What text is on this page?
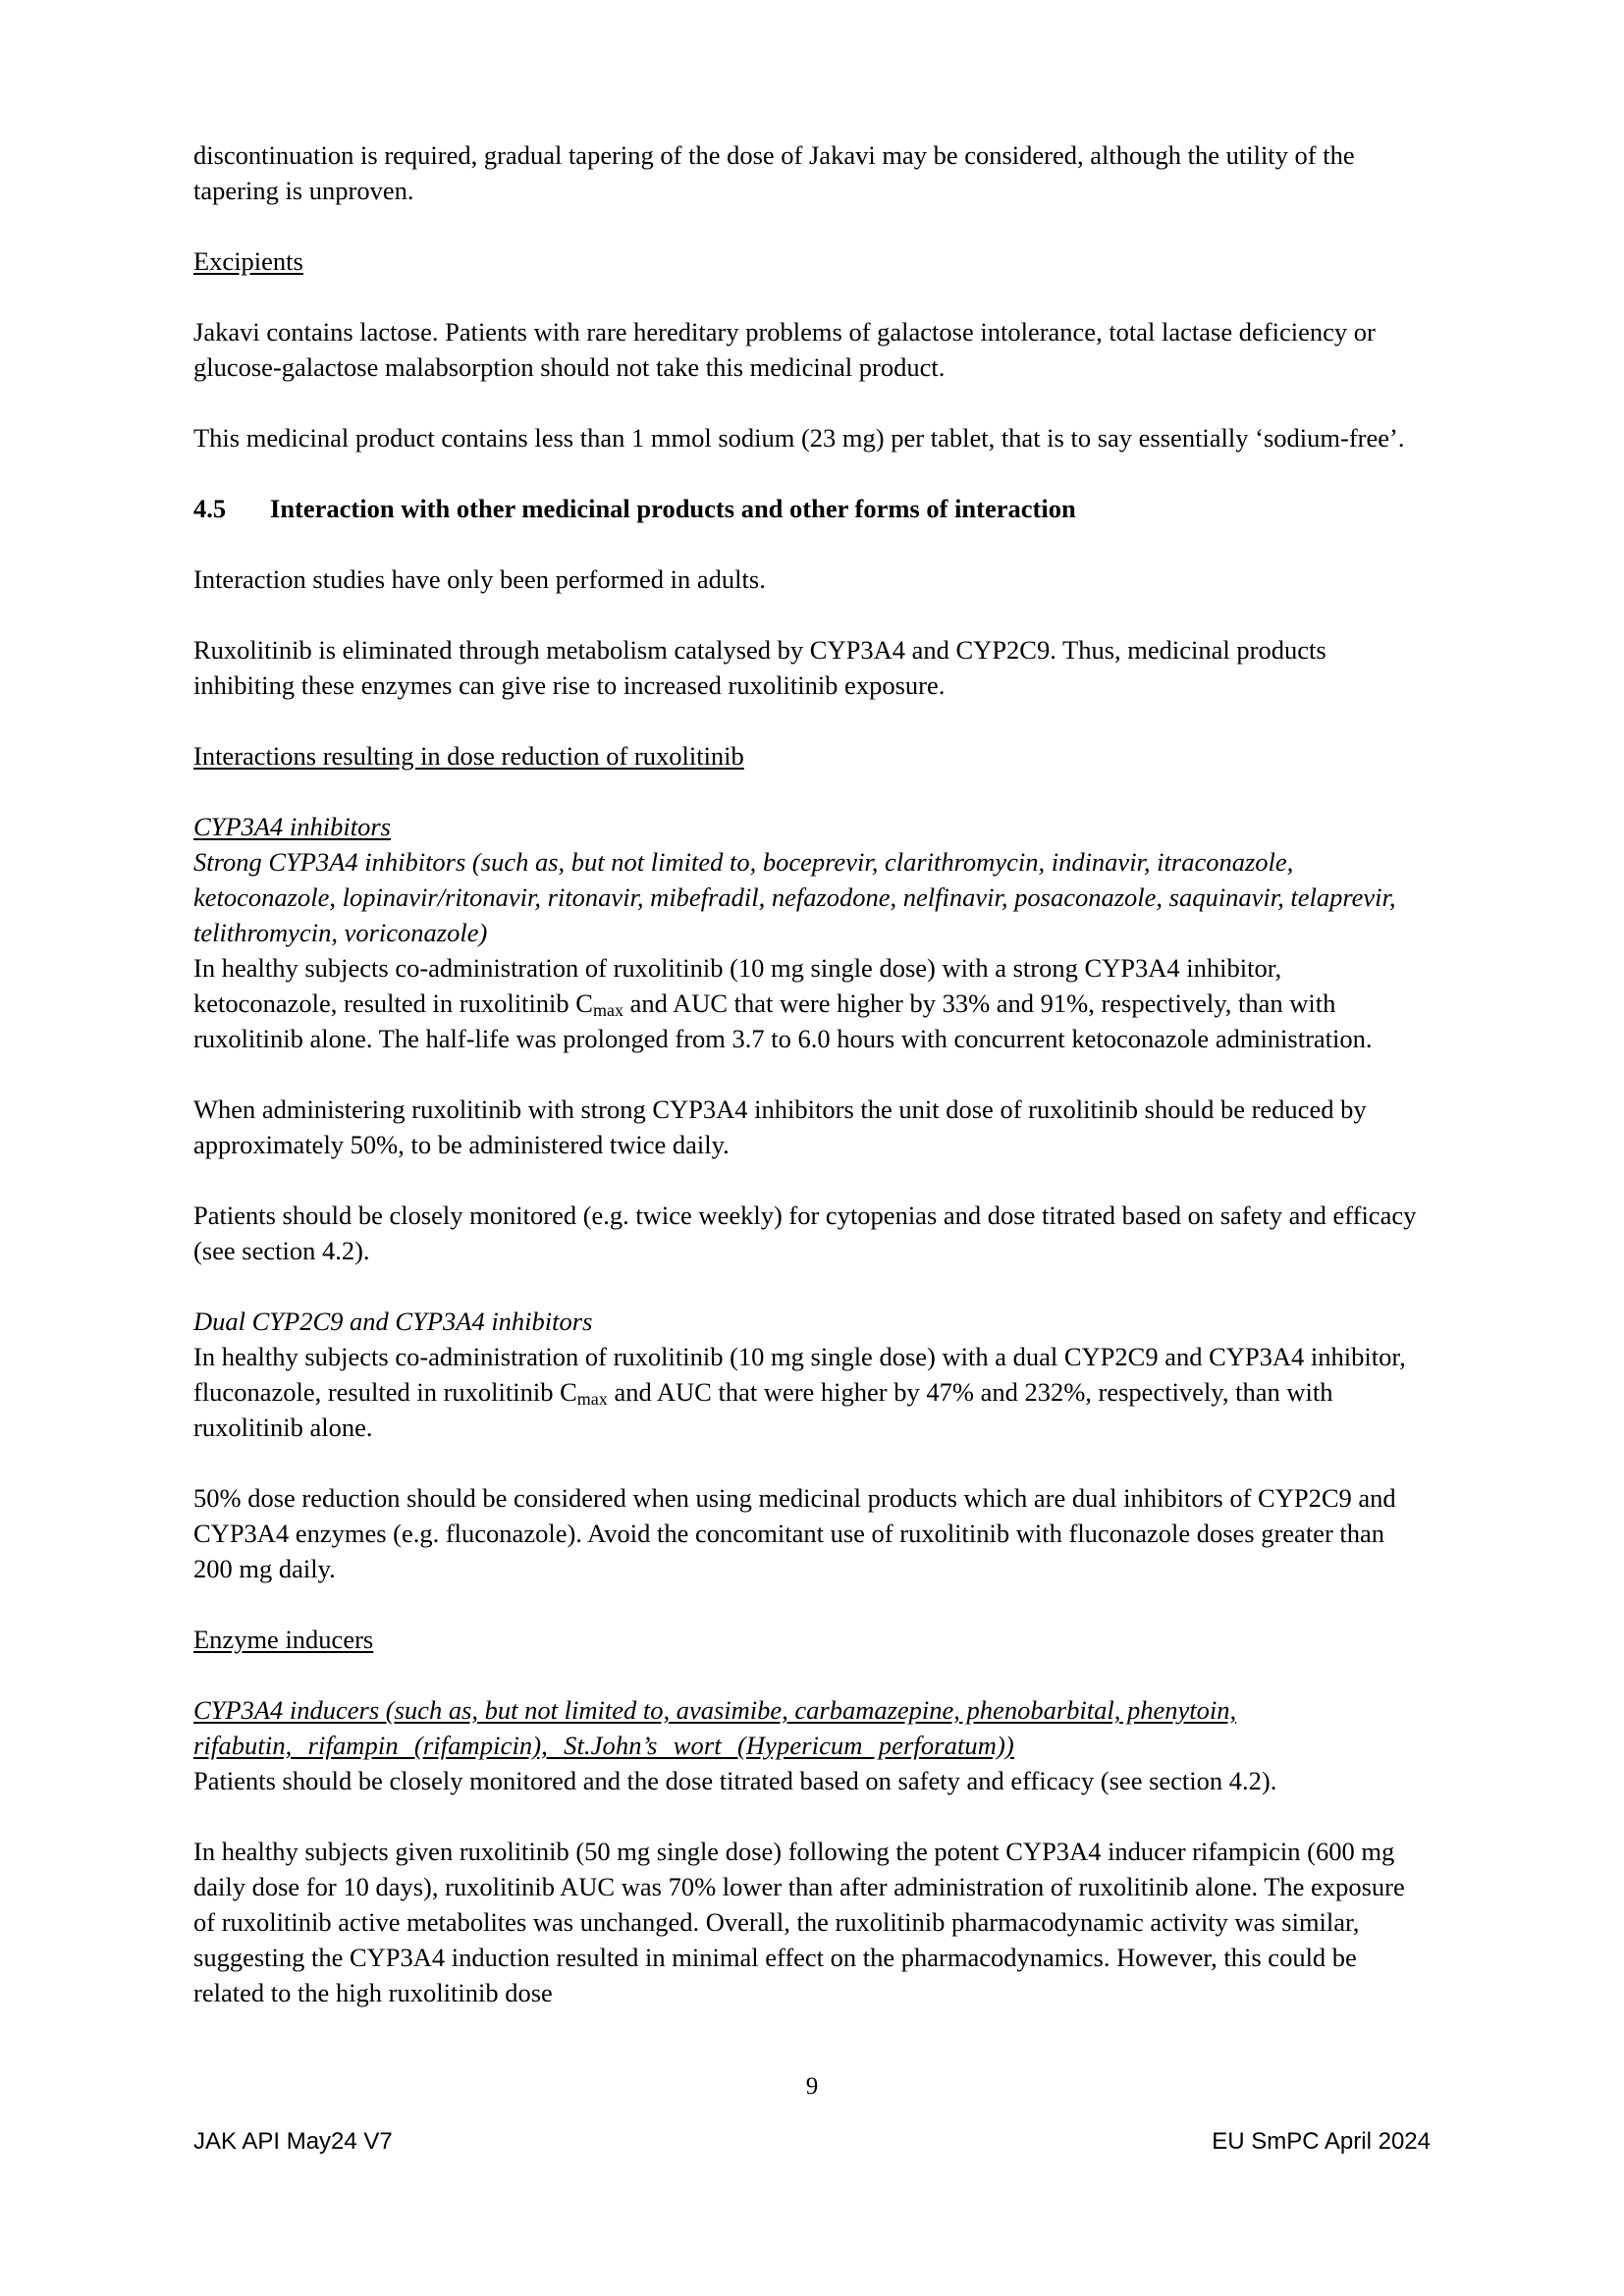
discontinuation is required, gradual tapering of the dose of Jakavi may be considered, although the utility of the tapering is unproven.

Excipients

Jakavi contains lactose. Patients with rare hereditary problems of galactose intolerance, total lactase deficiency or glucose-galactose malabsorption should not take this medicinal product.

This medicinal product contains less than 1 mmol sodium (23 mg) per tablet, that is to say essentially ‘sodium-free’.

4.5 Interaction with other medicinal products and other forms of interaction

Interaction studies have only been performed in adults.

Ruxolitinib is eliminated through metabolism catalysed by CYP3A4 and CYP2C9. Thus, medicinal products inhibiting these enzymes can give rise to increased ruxolitinib exposure.

Interactions resulting in dose reduction of ruxolitinib

CYP3A4 inhibitors

Strong CYP3A4 inhibitors (such as, but not limited to, boceprevir, clarithromycin, indinavir, itraconazole, ketoconazole, lopinavir/ritonavir, ritonavir, mibefradil, nefazodone, nelfinavir, posaconazole, saquinavir, telaprevir, telithromycin, voriconazole)

In healthy subjects co-administration of ruxolitinib (10 mg single dose) with a strong CYP3A4 inhibitor, ketoconazole, resulted in ruxolitinib $C_{max}$ and AUC that were higher by 33% and 91%, respectively, than with ruxolitinib alone. The half-life was prolonged from 3.7 to 6.0 hours with concurrent ketoconazole administration.

When administering ruxolitinib with strong CYP3A4 inhibitors the unit dose of ruxolitinib should be reduced by approximately 50%, to be administered twice daily.

Patients should be closely monitored (e.g. twice weekly) for cytopenias and dose titrated based on safety and efficacy (see section 4.2).

Dual CYP2C9 and CYP3A4 inhibitors

In healthy subjects co-administration of ruxolitinib (10 mg single dose) with a dual CYP2C9 and CYP3A4 inhibitor, fluconazole, resulted in ruxolitinib $C_{max}$ and AUC that were higher by 47% and 232%, respectively, than with ruxolitinib alone.

50% dose reduction should be considered when using medicinal products which are dual inhibitors of CYP2C9 and CYP3A4 enzymes (e.g. fluconazole). Avoid the concomitant use of ruxolitinib with fluconazole doses greater than 200 mg daily.

Enzyme inducers

CYP3A4 inducers (such as, but not limited to, avasimibe, carbamazepine, phenobarbital, phenytoin, rifabutin, rifampin (rifampicin), St.John’s wort (Hypericum perforatum))

Patients should be closely monitored and the dose titrated based on safety and efficacy (see section 4.2).

In healthy subjects given ruxolitinib (50 mg single dose) following the potent CYP3A4 inducer rifampicin (600 mg daily dose for 10 days), ruxolitinib AUC was 70% lower than after administration of ruxolitinib alone. The exposure of ruxolitinib active metabolites was unchanged. Overall, the ruxolitinib pharmacodynamic activity was similar, suggesting the CYP3A4 induction resulted in minimal effect on the pharmacodynamics. However, this could be related to the high ruxolitinib dose

9
JAK API May24 V7	EU SmPC April 2024
